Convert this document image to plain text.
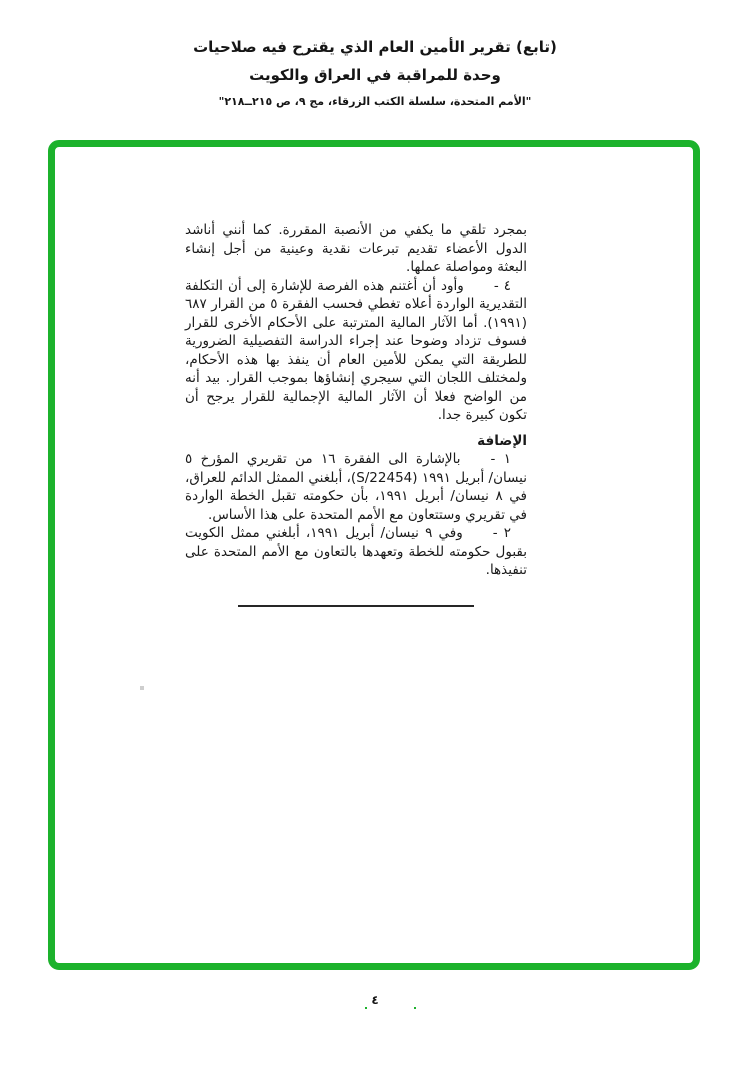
(تابع) تقرير الأمين العام الذي يقترح فيه صلاحيات
وحدة للمراقبة في العراق والكويت
"الأمم المتحدة، سلسلة الكتب الزرقاء، مج ٩، ص ٢١٥ــ٢١٨"

بمجرد تلقي ما يكفي من الأنصبة المقررة. كما أنني أناشد الدول الأعضاء تقديم تبرعات نقدية وعينية من أجل إنشاء البعثة ومواصلة عملها.

٤ -وأود أن أغتنم هذه الفرصة للإشارة إلى أن التكلفة التقديرية الواردة أعلاه تغطي فحسب الفقرة ٥ من القرار ٦٨٧ (١٩٩١). أما الآثار المالية المترتبة على الأحكام الأخرى للقرار فسوف تزداد وضوحا عند إجراء الدراسة التفصيلية الضرورية للطريقة التي يمكن للأمين العام أن ينفذ بها هذه الأحكام، ولمختلف اللجان التي سيجري إنشاؤها بموجب القرار. بيد أنه من الواضح فعلا أن الآثار المالية الإجمالية للقرار يرجح أن تكون كبيرة جدا.

الإضافة

١ -بالإشارة الى الفقرة ١٦ من تقريري المؤرخ ٥ نيسان/ أبريل ١٩٩١ (S/22454)، أبلغني الممثل الدائم للعراق، في ٨ نيسان/ أبريل ١٩٩١، بأن حكومته تقبل الخطة الواردة في تقريري وستتعاون مع الأمم المتحدة على هذا الأساس.

٢ -وفي ٩ نيسان/ أبريل ١٩٩١، أبلغني ممثل الكويت بقبول حكومته للخطة وتعهدها بالتعاون مع الأمم المتحدة على تنفيذها.

٤
